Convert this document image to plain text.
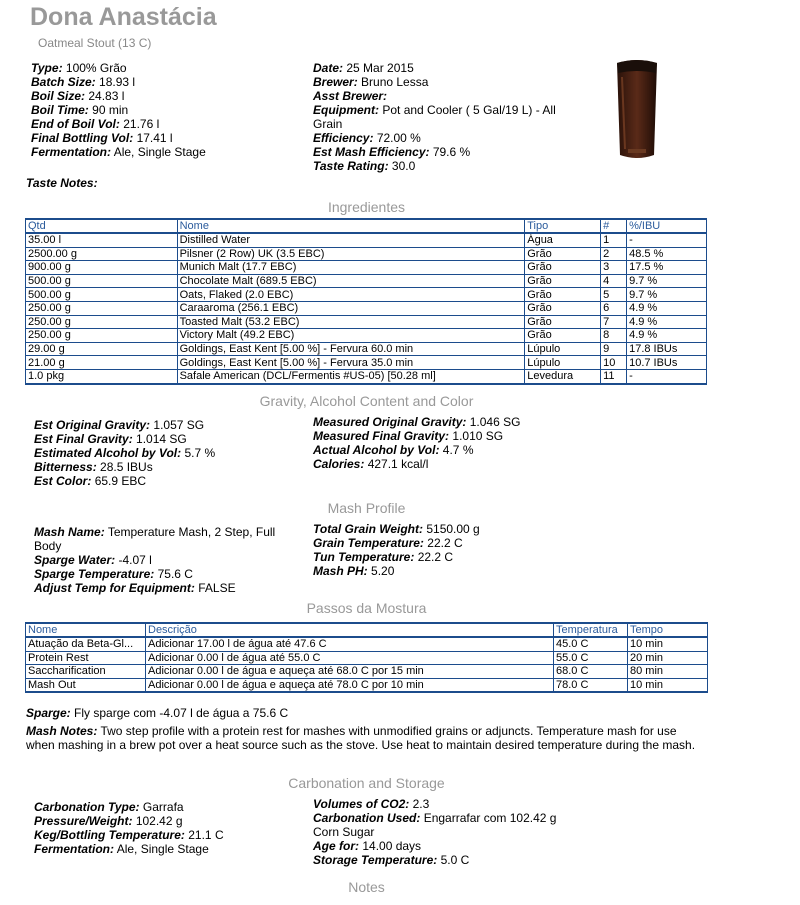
Dona Anastácia
Oatmeal Stout (13 C)
Type: 100% Grão
Batch Size: 18.93 l
Boil Size: 24.83 l
Boil Time: 90 min
End of Boil Vol: 21.76 l
Final Bottling Vol: 17.41 l
Fermentation: Ale, Single Stage
Date: 25 Mar 2015
Brewer: Bruno Lessa
Asst Brewer:
Equipment: Pot and Cooler ( 5 Gal/19 L) - All
Grain
Efficiency: 72.00 %
Est Mash Efficiency: 79.6 %
Taste Rating: 30.0
Taste Notes:
Ingredientes
Qtd	Nome	Tipo	#	%/IBU
35.00 l	Distilled Water	Água	1	-
2500.00 g	Pilsner (2 Row) UK (3.5 EBC)	Grão	2	48.5 %
900.00 g	Munich Malt (17.7 EBC)	Grão	3	17.5 %
500.00 g	Chocolate Malt (689.5 EBC)	Grão	4	9.7 %
500.00 g	Oats, Flaked (2.0 EBC)	Grão	5	9.7 %
250.00 g	Caraaroma (256.1 EBC)	Grão	6	4.9 %
250.00 g	Toasted Malt (53.2 EBC)	Grão	7	4.9 %
250.00 g	Victory Malt (49.2 EBC)	Grão	8	4.9 %
29.00 g	Goldings, East Kent [5.00 %] - Fervura 60.0 min	Lúpulo	9	17.8 IBUs
21.00 g	Goldings, East Kent [5.00 %] - Fervura 35.0 min	Lúpulo	10	10.7 IBUs
1.0 pkg	Safale American (DCL/Fermentis #US-05) [50.28 ml]	Levedura	11	-
Gravity, Alcohol Content and Color
Est Original Gravity: 1.057 SG
Est Final Gravity: 1.014 SG
Estimated Alcohol by Vol: 5.7 %
Bitterness: 28.5 IBUs
Est Color: 65.9 EBC
Measured Original Gravity: 1.046 SG
Measured Final Gravity: 1.010 SG
Actual Alcohol by Vol: 4.7 %
Calories: 427.1 kcal/l
Mash Profile
Mash Name: Temperature Mash, 2 Step, Full
Body
Sparge Water: -4.07 l
Sparge Temperature: 75.6 C
Adjust Temp for Equipment: FALSE
Total Grain Weight: 5150.00 g
Grain Temperature: 22.2 C
Tun Temperature: 22.2 C
Mash PH: 5.20
Passos da Mostura
Nome	Descrição	Temperatura	Tempo
Atuação da Beta-Gl...	Adicionar 17.00 l de água até 47.6 C	45.0 C	10 min
Protein Rest	Adicionar 0.00 l de água até 55.0 C	55.0 C	20 min
Saccharification	Adicionar 0.00 l de água e aqueça até 68.0 C por 15 min	68.0 C	80 min
Mash Out	Adicionar 0.00 l de água e aqueça até 78.0 C por 10 min	78.0 C	10 min
Sparge: Fly sparge com -4.07 l de água a 75.6 C
Mash Notes: Two step profile with a protein rest for mashes with unmodified grains or adjuncts. Temperature mash for use when mashing in a brew pot over a heat source such as the stove. Use heat to maintain desired temperature during the mash.
Carbonation and Storage
Carbonation Type: Garrafa
Pressure/Weight: 102.42 g
Keg/Bottling Temperature: 21.1 C
Fermentation: Ale, Single Stage
Volumes of CO2: 2.3
Carbonation Used: Engarrafar com 102.42 g
Corn Sugar
Age for: 14.00 days
Storage Temperature: 5.0 C
Notes
